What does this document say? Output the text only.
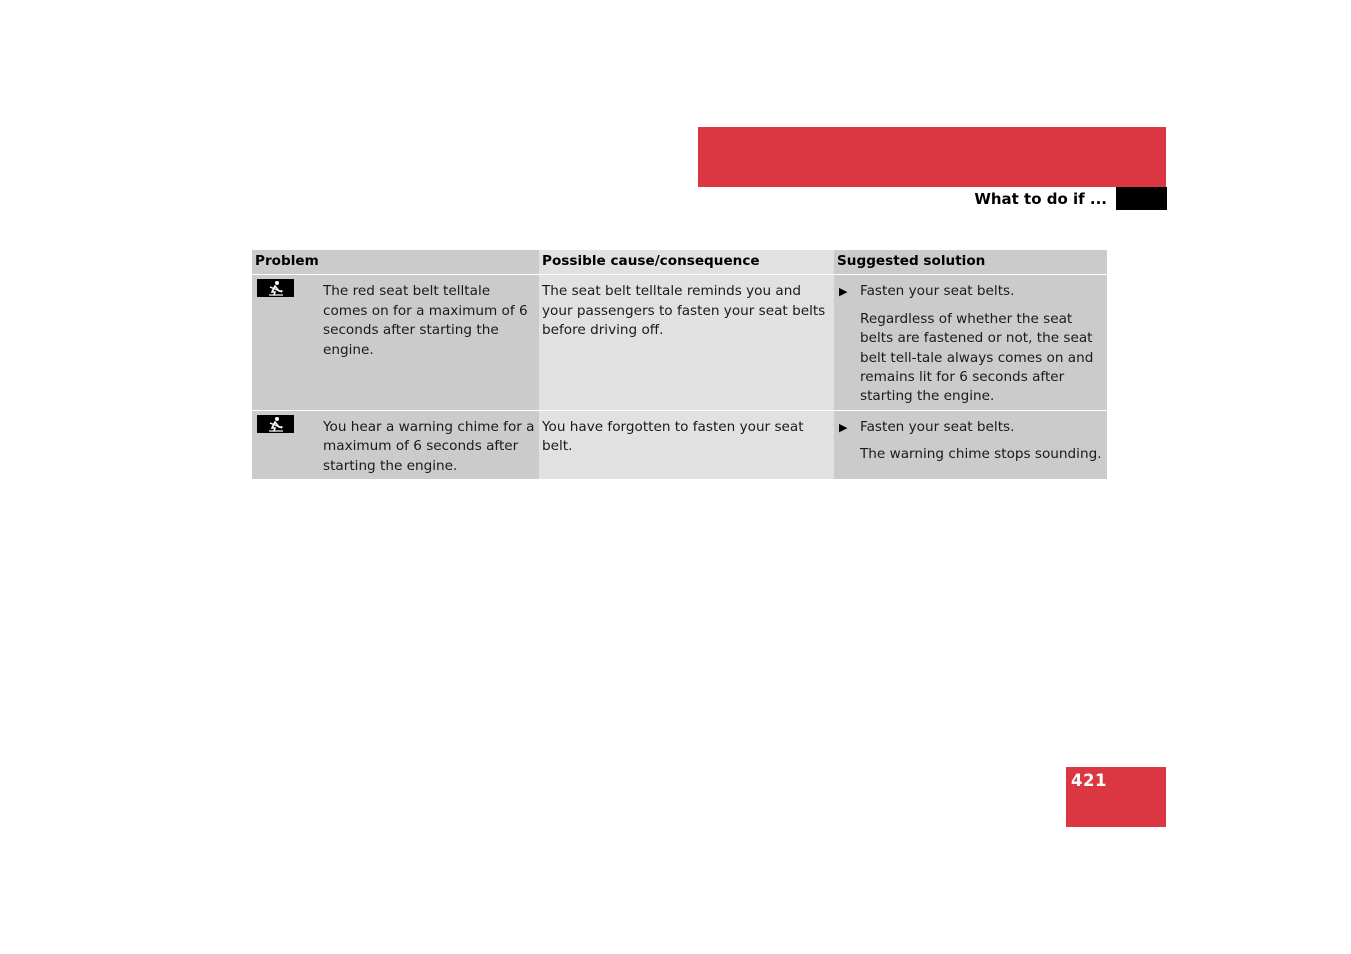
Practical hints
What to do if ...
Problem	Possible cause/consequence	Suggested solution

The red seat belt telltale comes on for a maximum of 6 seconds after starting the engine.	The seat belt telltale reminds you and your passengers to fasten your seat belts before driving off.	▶ Fasten your seat belts.
Regardless of whether the seat belts are fastened or not, the seat belt tell-tale always comes on and remains lit for 6 seconds after starting the engine.

You hear a warning chime for a maximum of 6 seconds after starting the engine.	You have forgotten to fasten your seat belt.	▶ Fasten your seat belts.
The warning chime stops sounding.
421
